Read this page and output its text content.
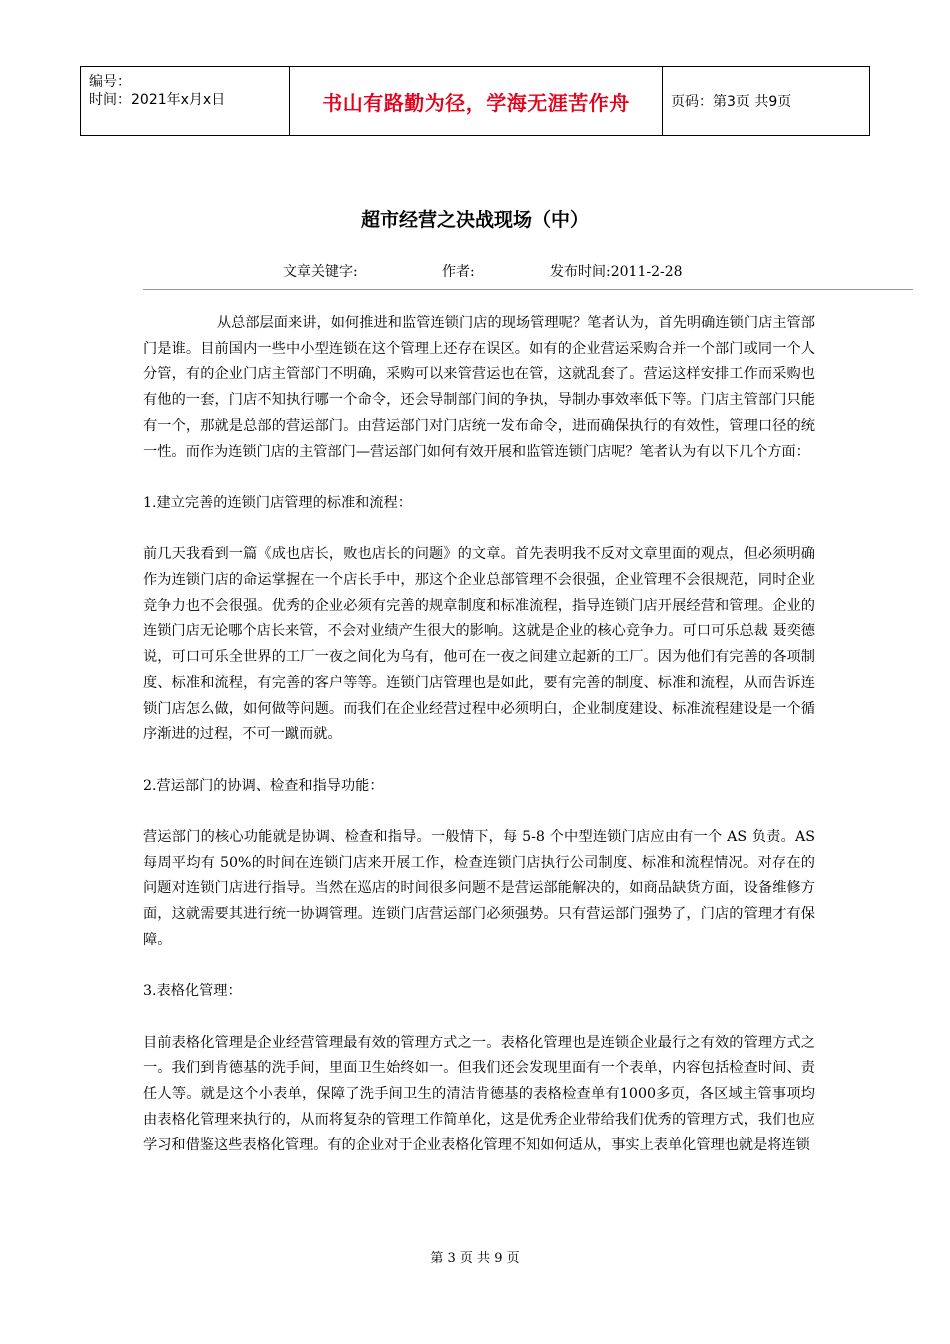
编号：
时间：2021年x月x日	书山有路勤为径，学海无涯苦作舟	页码：第3页 共9页
超市经营之决战现场（中）
文章关键字:	作者:	发布时间:2011-2-28

从总部层面来讲，如何推进和监管连锁门店的现场管理呢？笔者认为，首先明确连锁门店主管部门是谁。目前国内一些中小型连锁在这个管理上还存在误区。如有的企业营运采购合并一个部门或同一个人分管，有的企业门店主管部门不明确，采购可以来管营运也在管，这就乱套了。营运这样安排工作而采购也有他的一套，门店不知执行哪一个命令，还会导制部门间的争执，导制办事效率低下等。门店主管部门只能有一个，那就是总部的营运部门。由营运部门对门店统一发布命令，进而确保执行的有效性，管理口径的统一性。而作为连锁门店的主管部门—营运部门如何有效开展和监管连锁门店呢？笔者认为有以下几个方面：

1.建立完善的连锁门店管理的标准和流程：

前几天我看到一篇《成也店长，败也店长的问题》的文章。首先表明我不反对文章里面的观点，但必须明确作为连锁门店的命运掌握在一个店长手中，那这个企业总部管理不会很强，企业管理不会很规范，同时企业竞争力也不会很强。优秀的企业必须有完善的规章制度和标准流程，指导连锁门店开展经营和管理。企业的连锁门店无论哪个店长来管，不会对业绩产生很大的影响。这就是企业的核心竞争力。可口可乐总裁 聂奕德说，可口可乐全世界的工厂一夜之间化为乌有，他可在一夜之间建立起新的工厂。因为他们有完善的各项制度、标准和流程，有完善的客户等等。连锁门店管理也是如此，要有完善的制度、标准和流程，从而告诉连锁门店怎么做，如何做等问题。而我们在企业经营过程中必须明白，企业制度建设、标准流程建设是一个循序渐进的过程，不可一蹴而就。

2.营运部门的协调、检查和指导功能：

营运部门的核心功能就是协调、检查和指导。一般情下，每 5-8 个中型连锁门店应由有一个 AS 负责。AS 每周平均有 50%的时间在连锁门店来开展工作，检查连锁门店执行公司制度、标准和流程情况。对存在的问题对连锁门店进行指导。当然在巡店的时间很多问题不是营运部能解决的，如商品缺货方面，设备维修方面，这就需要其进行统一协调管理。连锁门店营运部门必须强势。只有营运部门强势了，门店的管理才有保障。

3.表格化管理：

目前表格化管理是企业经营管理最有效的管理方式之一。表格化管理也是连锁企业最行之有效的管理方式之一。我们到肯德基的洗手间，里面卫生始终如一。但我们还会发现里面有一个表单，内容包括检查时间、责任人等。就是这个小表单，保障了洗手间卫生的清洁肯德基的表格检查单有1000多页，各区域主管事项均由表格化管理来执行的，从而将复杂的管理工作简单化，这是优秀企业带给我们优秀的管理方式，我们也应学习和借鉴这些表格化管理。有的企业对于企业表格化管理不知如何适从，事实上表单化管理也就是将连锁

第 3 页 共 9 页
